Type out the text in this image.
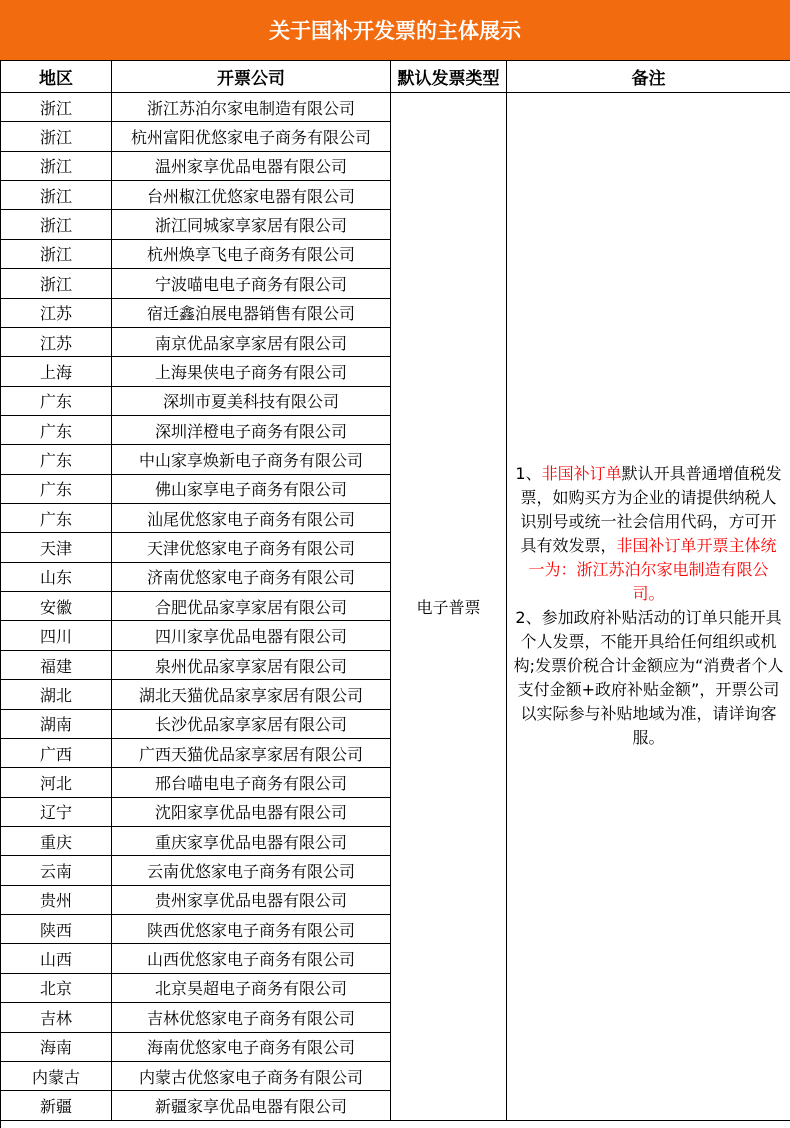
关于国补开发票的主体展示
地区	开票公司	默认发票类型	备注
电子普票
1、非国补订单默认开具普通增值税发票，如购买方为企业的请提供纳税人识别号或统一社会信用代码，方可开具有效发票，非国补订单开票主体统一为：浙江苏泊尔家电制造有限公司。
2、参加政府补贴活动的订单只能开具个人发票，不能开具给任何组织或机构;发票价税合计金额应为“消费者个人支付金额+政府补贴金额”，开票公司以实际参与补贴地域为准，请详询客服。
浙江	浙江苏泊尔家电制造有限公司
浙江	杭州富阳优悠家电子商务有限公司
浙江	温州家享优品电器有限公司
浙江	台州椒江优悠家电器有限公司
浙江	浙江同城家享家居有限公司
浙江	杭州焕享飞电子商务有限公司
浙江	宁波喵电电子商务有限公司
江苏	宿迁鑫泊展电器销售有限公司
江苏	南京优品家享家居有限公司
上海	上海果侠电子商务有限公司
广东	深圳市夏美科技有限公司
广东	深圳洋橙电子商务有限公司
广东	中山家享焕新电子商务有限公司
广东	佛山家享电子商务有限公司
广东	汕尾优悠家电子商务有限公司
天津	天津优悠家电子商务有限公司
山东	济南优悠家电子商务有限公司
安徽	合肥优品家享家居有限公司
四川	四川家享优品电器有限公司
福建	泉州优品家享家居有限公司
湖北	湖北天猫优品家享家居有限公司
湖南	长沙优品家享家居有限公司
广西	广西天猫优品家享家居有限公司
河北	邢台喵电电子商务有限公司
辽宁	沈阳家享优品电器有限公司
重庆	重庆家享优品电器有限公司
云南	云南优悠家电子商务有限公司
贵州	贵州家享优品电器有限公司
陕西	陕西优悠家电子商务有限公司
山西	山西优悠家电子商务有限公司
北京	北京昊超电子商务有限公司
吉林	吉林优悠家电子商务有限公司
海南	海南优悠家电子商务有限公司
内蒙古	内蒙古优悠家电子商务有限公司
新疆	新疆家享优品电器有限公司
